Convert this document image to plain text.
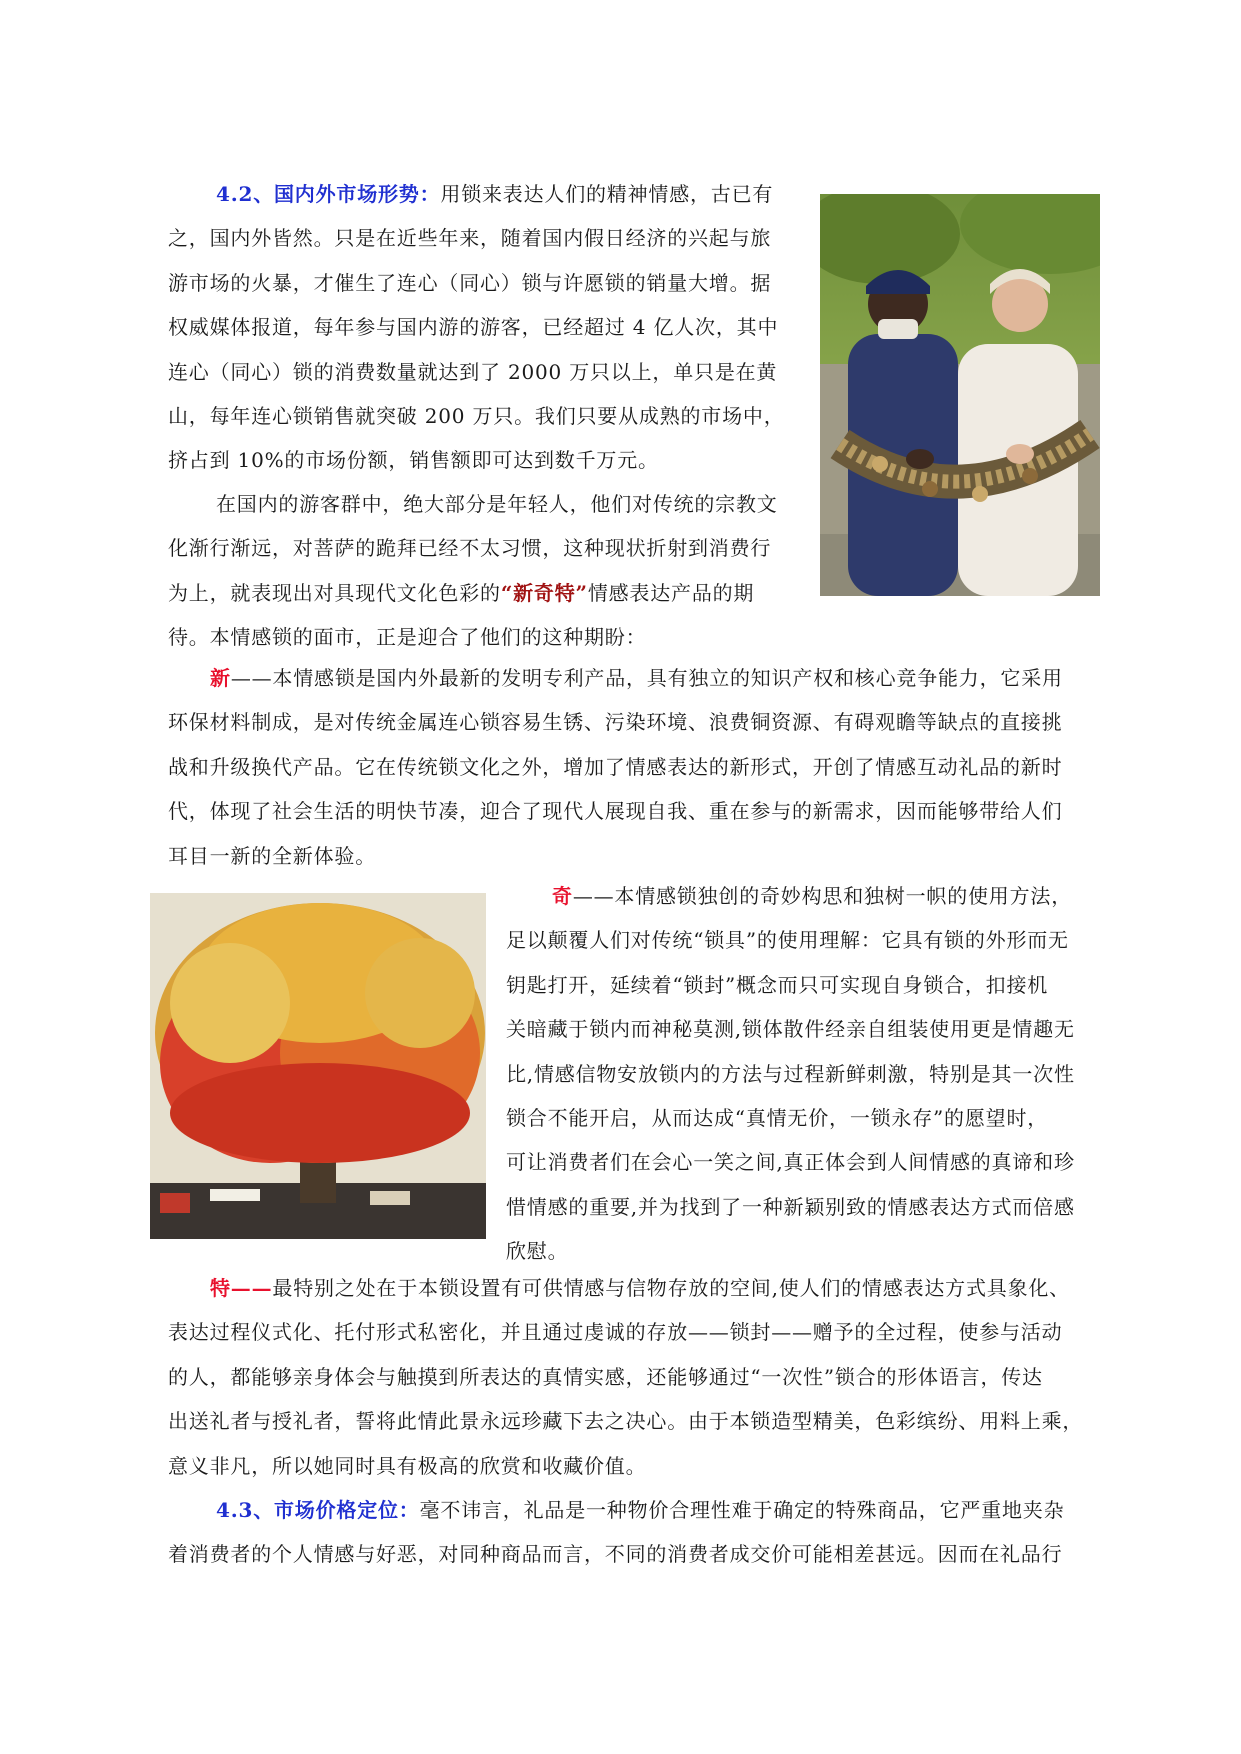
4.2、国内外市场形势：用锁来表达人们的精神情感，古已有
之，国内外皆然。只是在近些年来，随着国内假日经济的兴起与旅
游市场的火暴，才催生了连心（同心）锁与许愿锁的销量大增。据
权威媒体报道，每年参与国内游的游客，已经超过 4 亿人次，其中
连心（同心）锁的消费数量就达到了 2000 万只以上，单只是在黄
山，每年连心锁销售就突破 200 万只。我们只要从成熟的市场中，
挤占到 10%的市场份额，销售额即可达到数千万元。
在国内的游客群中，绝大部分是年轻人，他们对传统的宗教文
化渐行渐远，对菩萨的跪拜已经不太习惯，这种现状折射到消费行
为上，就表现出对具现代文化色彩的“新奇特”情感表达产品的期
待。本情感锁的面市，正是迎合了他们的这种期盼：
新——本情感锁是国内外最新的发明专利产品，具有独立的知识产权和核心竞争能力，它采用
环保材料制成，是对传统金属连心锁容易生锈、污染环境、浪费铜资源、有碍观瞻等缺点的直接挑
战和升级换代产品。它在传统锁文化之外，增加了情感表达的新形式，开创了情感互动礼品的新时
代，体现了社会生活的明快节凑，迎合了现代人展现自我、重在参与的新需求，因而能够带给人们
耳目一新的全新体验。
奇——本情感锁独创的奇妙构思和独树一帜的使用方法，
足以颠覆人们对传统“锁具”的使用理解：它具有锁的外形而无
钥匙打开，延续着“锁封”概念而只可实现自身锁合，扣接机
关暗藏于锁内而神秘莫测,锁体散件经亲自组装使用更是情趣无
比,情感信物安放锁内的方法与过程新鲜刺激，特别是其一次性
锁合不能开启，从而达成“真情无价，一锁永存”的愿望时，
可让消费者们在会心一笑之间,真正体会到人间情感的真谛和珍
惜情感的重要,并为找到了一种新颖别致的情感表达方式而倍感
欣慰。
特——最特别之处在于本锁设置有可供情感与信物存放的空间,使人们的情感表达方式具象化、
表达过程仪式化、托付形式私密化，并且通过虔诚的存放——锁封——赠予的全过程，使参与活动
的人，都能够亲身体会与触摸到所表达的真情实感，还能够通过“一次性”锁合的形体语言，传达
出送礼者与授礼者，誓将此情此景永远珍藏下去之决心。由于本锁造型精美，色彩缤纷、用料上乘，
意义非凡，所以她同时具有极高的欣赏和收藏价值。
4.3、市场价格定位：毫不讳言，礼品是一种物价合理性难于确定的特殊商品，它严重地夹杂
着消费者的个人情感与好恶，对同种商品而言，不同的消费者成交价可能相差甚远。因而在礼品行
